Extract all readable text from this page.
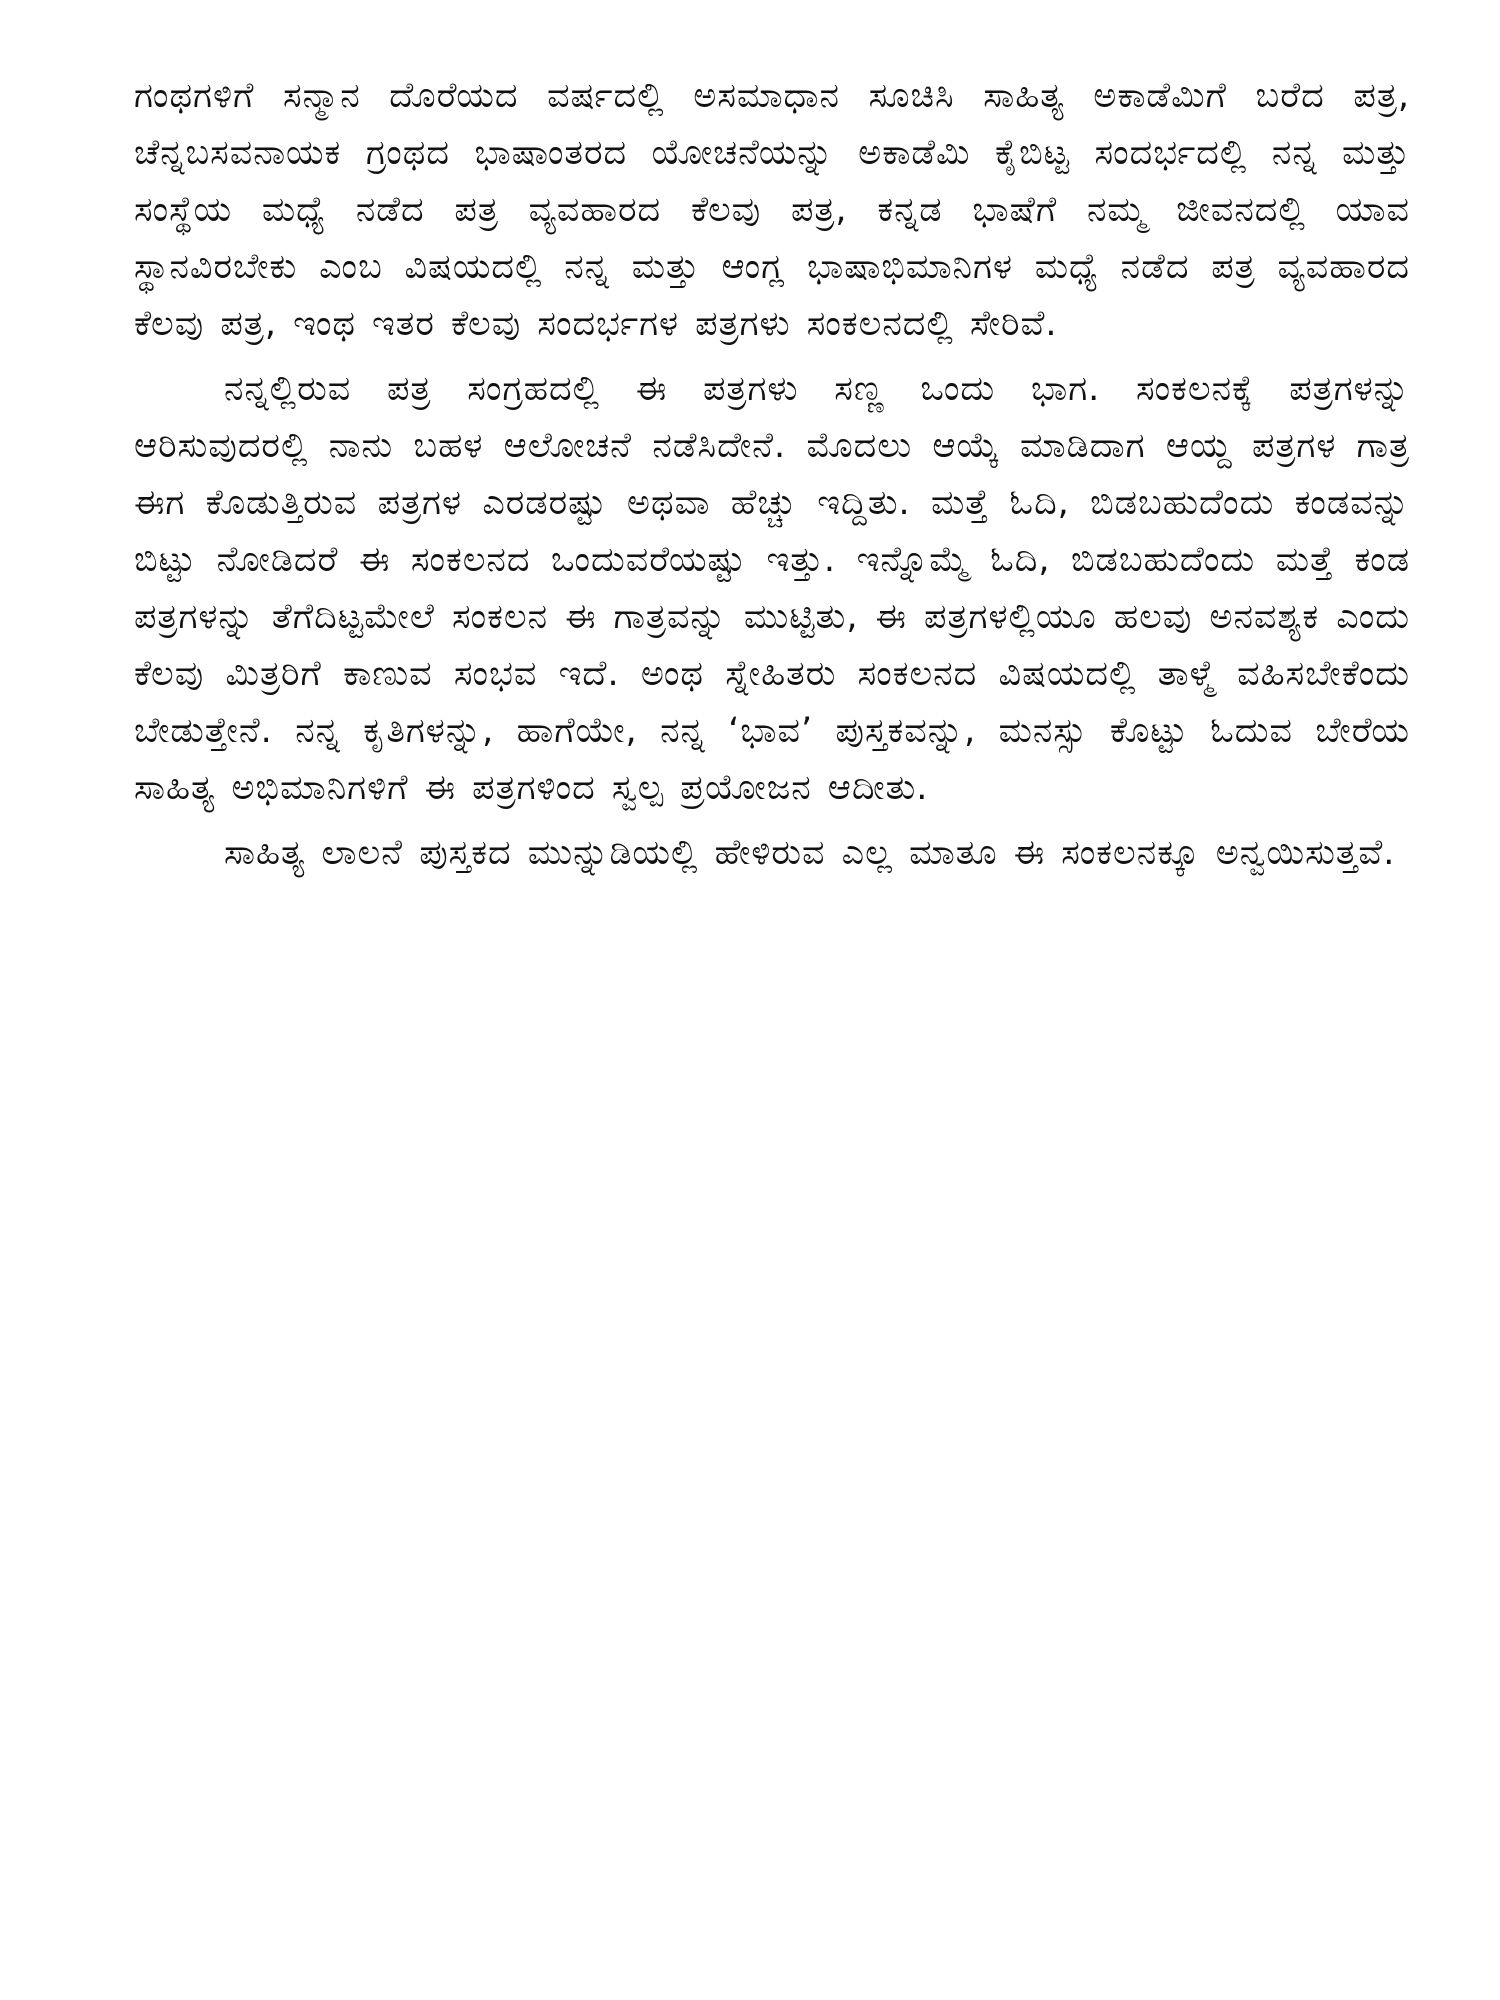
ಗಂಥಗಳಿಗೆ ಸನ್ಮಾನ ದೊರೆಯದ ವರ್ಷದಲ್ಲಿ ಅಸಮಾಧಾನ ಸೂಚಿಸಿ ಸಾಹಿತ್ಯ ಅಕಾಡೆಮಿಗೆ ಬರೆದ ಪತ್ರ, ಚೆನ್ನಬಸವನಾಯಕ ಗ್ರಂಥದ ಭಾಷಾಂತರದ ಯೋಚನೆಯನ್ನು ಅಕಾಡೆಮಿ ಕೈಬಿಟ್ಟ ಸಂದರ್ಭದಲ್ಲಿ ನನ್ನ ಮತ್ತು ಸಂಸ್ಥೆಯ ಮಧ್ಯೆ ನಡೆದ ಪತ್ರ ವ್ಯವಹಾರದ ಕೆಲವು ಪತ್ರ, ಕನ್ನಡ ಭಾಷೆಗೆ ನಮ್ಮ ಜೀವನದಲ್ಲಿ ಯಾವ ಸ್ಥಾನವಿರಬೇಕು ಎಂಬ ವಿಷಯದಲ್ಲಿ ನನ್ನ ಮತ್ತು ಆಂಗ್ಲ ಭಾಷಾಭಿಮಾನಿಗಳ ಮಧ್ಯೆ ನಡೆದ ಪತ್ರ ವ್ಯವಹಾರದ ಕೆಲವು ಪತ್ರ, ಇಂಥ ಇತರ ಕೆಲವು ಸಂದರ್ಭಗಳ ಪತ್ರಗಳು ಸಂಕಲನದಲ್ಲಿ ಸೇರಿವೆ.

ನನ್ನಲ್ಲಿರುವ ಪತ್ರ ಸಂಗ್ರಹದಲ್ಲಿ ಈ ಪತ್ರಗಳು ಸಣ್ಣ ಒಂದು ಭಾಗ. ಸಂಕಲನಕ್ಕೆ ಪತ್ರಗಳನ್ನು ಆರಿಸುವುದರಲ್ಲಿ ನಾನು ಬಹಳ ಆಲೋಚನೆ ನಡೆಸಿದೇನೆ. ಮೊದಲು ಆಯ್ಕೆ ಮಾಡಿದಾಗ ಆಯ್ದ ಪತ್ರಗಳ ಗಾತ್ರ ಈಗ ಕೊಡುತ್ತಿರುವ ಪತ್ರಗಳ ಎರಡರಷ್ಟು ಅಥವಾ ಹೆಚ್ಚು ಇದ್ದಿತು. ಮತ್ತೆ ಓದಿ, ಬಿಡಬಹುದೆಂದು ಕಂಡವನ್ನು ಬಿಟ್ಟು ನೋಡಿದರೆ ಈ ಸಂಕಲನದ ಒಂದುವರೆಯಷ್ಟು ಇತ್ತು. ಇನ್ನೊಮ್ಮೆ ಓದಿ, ಬಿಡಬಹುದೆಂದು ಮತ್ತೆ ಕಂಡ ಪತ್ರಗಳನ್ನು ತೆಗೆದಿಟ್ಟಮೇಲೆ ಸಂಕಲನ ಈ ಗಾತ್ರವನ್ನು ಮುಟ್ಟಿತು, ಈ ಪತ್ರಗಳಲ್ಲಿಯೂ ಹಲವು ಅನವಶ್ಯಕ ಎಂದು ಕೆಲವು ಮಿತ್ರರಿಗೆ ಕಾಣುವ ಸಂಭವ ಇದೆ. ಅಂಥ ಸ್ನೇಹಿತರು ಸಂಕಲನದ ವಿಷಯದಲ್ಲಿ ತಾಳ್ಮೆ ವಹಿಸಬೇಕೆಂದು ಬೇಡುತ್ತೇನೆ. ನನ್ನ ಕೃತಿಗಳನ್ನು, ಹಾಗೆಯೇ, ನನ್ನ ‘ಭಾವ’ ಪುಸ್ತಕವನ್ನು, ಮನಸ್ಸು ಕೊಟ್ಟು ಓದುವ ಬೇರೆಯ ಸಾಹಿತ್ಯ ಅಭಿಮಾನಿಗಳಿಗೆ ಈ ಪತ್ರಗಳಿಂದ ಸ್ವಲ್ಪ ಪ್ರಯೋಜನ ಆದೀತು.

ಸಾಹಿತ್ಯ ಲಾಲನೆ ಪುಸ್ತಕದ ಮುನ್ನುಡಿಯಲ್ಲಿ ಹೇಳಿರುವ ಎಲ್ಲ ಮಾತೂ ಈ ಸಂಕಲನಕ್ಕೂ ಅನ್ವಯಿಸುತ್ತವೆ.
